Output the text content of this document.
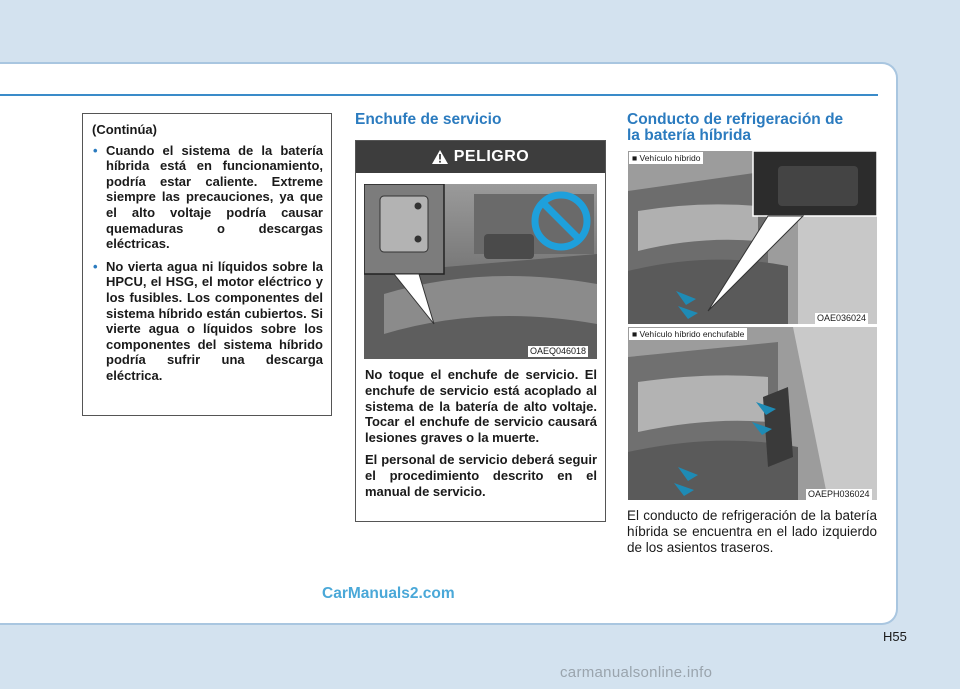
(Continúa)
• Cuando el sistema de la batería híbrida está en funcionamiento, podría estar caliente. Extreme siempre las precauciones, ya que el alto voltaje podría causar quemaduras o descargas eléctricas.
• No vierta agua ni líquidos sobre la HPCU, el HSG, el motor eléctrico y los fusibles. Los componentes del sistema híbrido están cubiertos. Si vierte agua o líquidos sobre los componentes del sistema híbrido podría sufrir una descarga eléctrica.
Enchufe de servicio
PELIGRO
OAEQ046018

No toque el enchufe de servicio. El enchufe de servicio está acoplado al sistema de la batería de alto voltaje. Tocar el enchufe de servicio causará lesiones graves o la muerte.

El personal de servicio deberá seguir el procedimiento descrito en el manual de servicio.

Conducto de refrigeración de
la batería híbrida
■ Vehículo híbrido
OAE036024
■ Vehículo híbrido enchufable
OAEPH036024
El conducto de refrigeración de la batería híbrida se encuentra en el lado izquierdo de los asientos traseros.
CarManuals2.com
H55
carmanualsonline.info
